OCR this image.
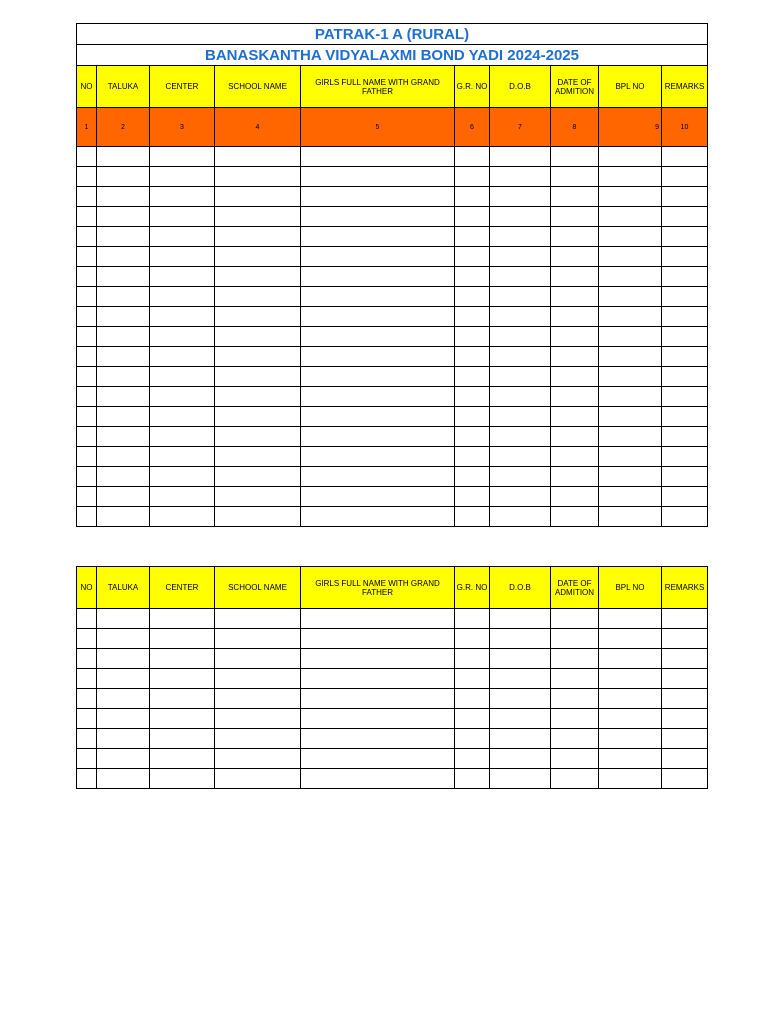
PATRAK-1 A (RURAL)									
BANASKANTHA VIDYALAXMI BOND YADI 2024-2025									
NO	TALUKA	CENTER	SCHOOL NAME	GIRLS FULL NAME WITH GRAND FATHER	G.R. NO	D.O.B	DATE OF ADMITION	BPL NO	REMARKS
1	2	3	4	5	6	7	8	9	10

NO	TALUKA	CENTER	SCHOOL NAME	GIRLS FULL NAME WITH GRAND FATHER	G.R. NO	D.O.B	DATE OF ADMITION	BPL NO	REMARKS
